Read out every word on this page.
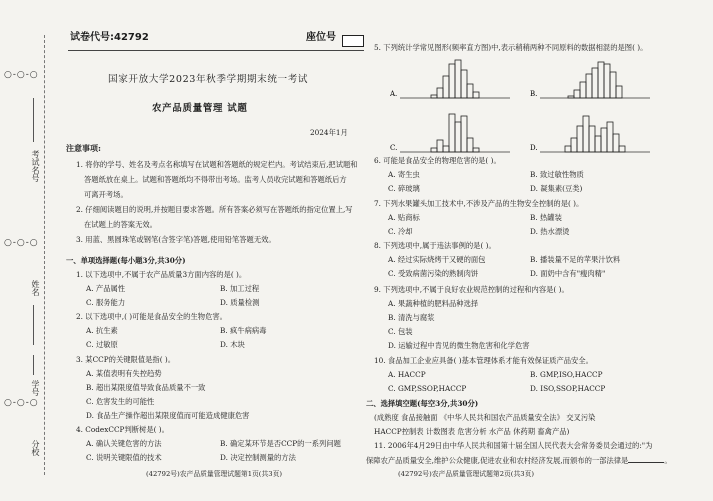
○-○-○
○-○-○
○-○-○
考试名号
姓名
学号
分校
试卷代号:42792	座位号
国家开放大学2023年秋季学期期末统一考试
农产品质量管理 试题
2024年1月
注意事项:
1. 将你的学号、姓名及考点名称填写在试题和答题纸的规定栏内。考试结束后,把试题和
答题纸放在桌上。试题和答题纸均不得带出考场。监考人员收完试题和答题纸后方
可离开考场。
2. 仔细阅读题目的说明,并按题目要求答题。所有答案必须写在答题纸的指定位置上,写
在试题上的答案无效。
3. 用蓝、黑圆珠笔或钢笔(含签字笔)答题,使用铅笔答题无效。
一、单项选择题(每小题3分,共30分)
1. 以下选项中,不属于农产品质量3方面内容的是( )。
A. 产品属性	B. 加工过程
C. 服务能力	D. 质量检测
2. 以下选项中,( )可能是食品安全的生物危害。
A. 抗生素	B. 疯牛病病毒
C. 过敏原	D. 木块
3. 某CCP的关键限值是指( )。
A. 某值表明有失控趋势
B. 超出某限度值导致食品质量不一致
C. 危害发生的可能性
D. 食品生产操作超出某限度值而可能造成健康危害
4. CodexCCP判断树是( )。
A. 确认关键危害的方法	B. 确定某环节是否CCP的一系列问题
C. 说明关键限值的技术	D. 决定控制测量的方法
(42792号)农产品质量管理试题第1页(共3页)
5. 下列统计学常见图形(频率直方图)中,表示稍稍两种不同原料的数据相混的是图( )。
A.	B.
C.	D.
6. 可能是食品安全的物理危害的是( )。
A. 寄生虫	B. 致过敏性物质
C. 碎玻璃	D. 凝集素(豆类)
7. 下列水果罐头加工技术中,不涉及产品的生物安全控制的是( )。
A. 贴商标	B. 热罐装
C. 冷却	D. 热水漂烫
8. 下列选项中,属于违法事例的是( )。
A. 经过实际烧烤干又硬的面包	B. 播装量不足的苹果汁饮料
C. 受致病菌污染的熟制肉饼	D. 面奶中含有"瘦肉精"
9. 下列选项中,不属于良好农业规范控制的过程和内容是( )。
A. 果蔬种植的肥料品种选择
B. 清洗与腐浆
C. 包装
D. 运输过程中肯见的微生物危害和化学危害
10. 食品加工企业应具备( )基本管理体系才能有效保证质产品安全。
A. HACCP	B. GMP,ISO,HACCP
C. GMP,SSOP,HACCP	D. ISO,SSOP,HACCP
二、选择填空题(每空3分,共30分)
(成熟度 食品接触面 《中华人民共和国农产品质量安全法》 交叉污染
HACCP控制表 计数图表 危害分析 水产品 休药期 畜禽产品)
11. 2006年4月29日由中华人民共和国第十届全国人民代表大会常务委员会通过的:"为
保障农产品质量安全,维护公众健康,促进农业和农村经济发展,而颁布的一部法律是	。
(42792号)农产品质量管理试题第2页(共3页)
